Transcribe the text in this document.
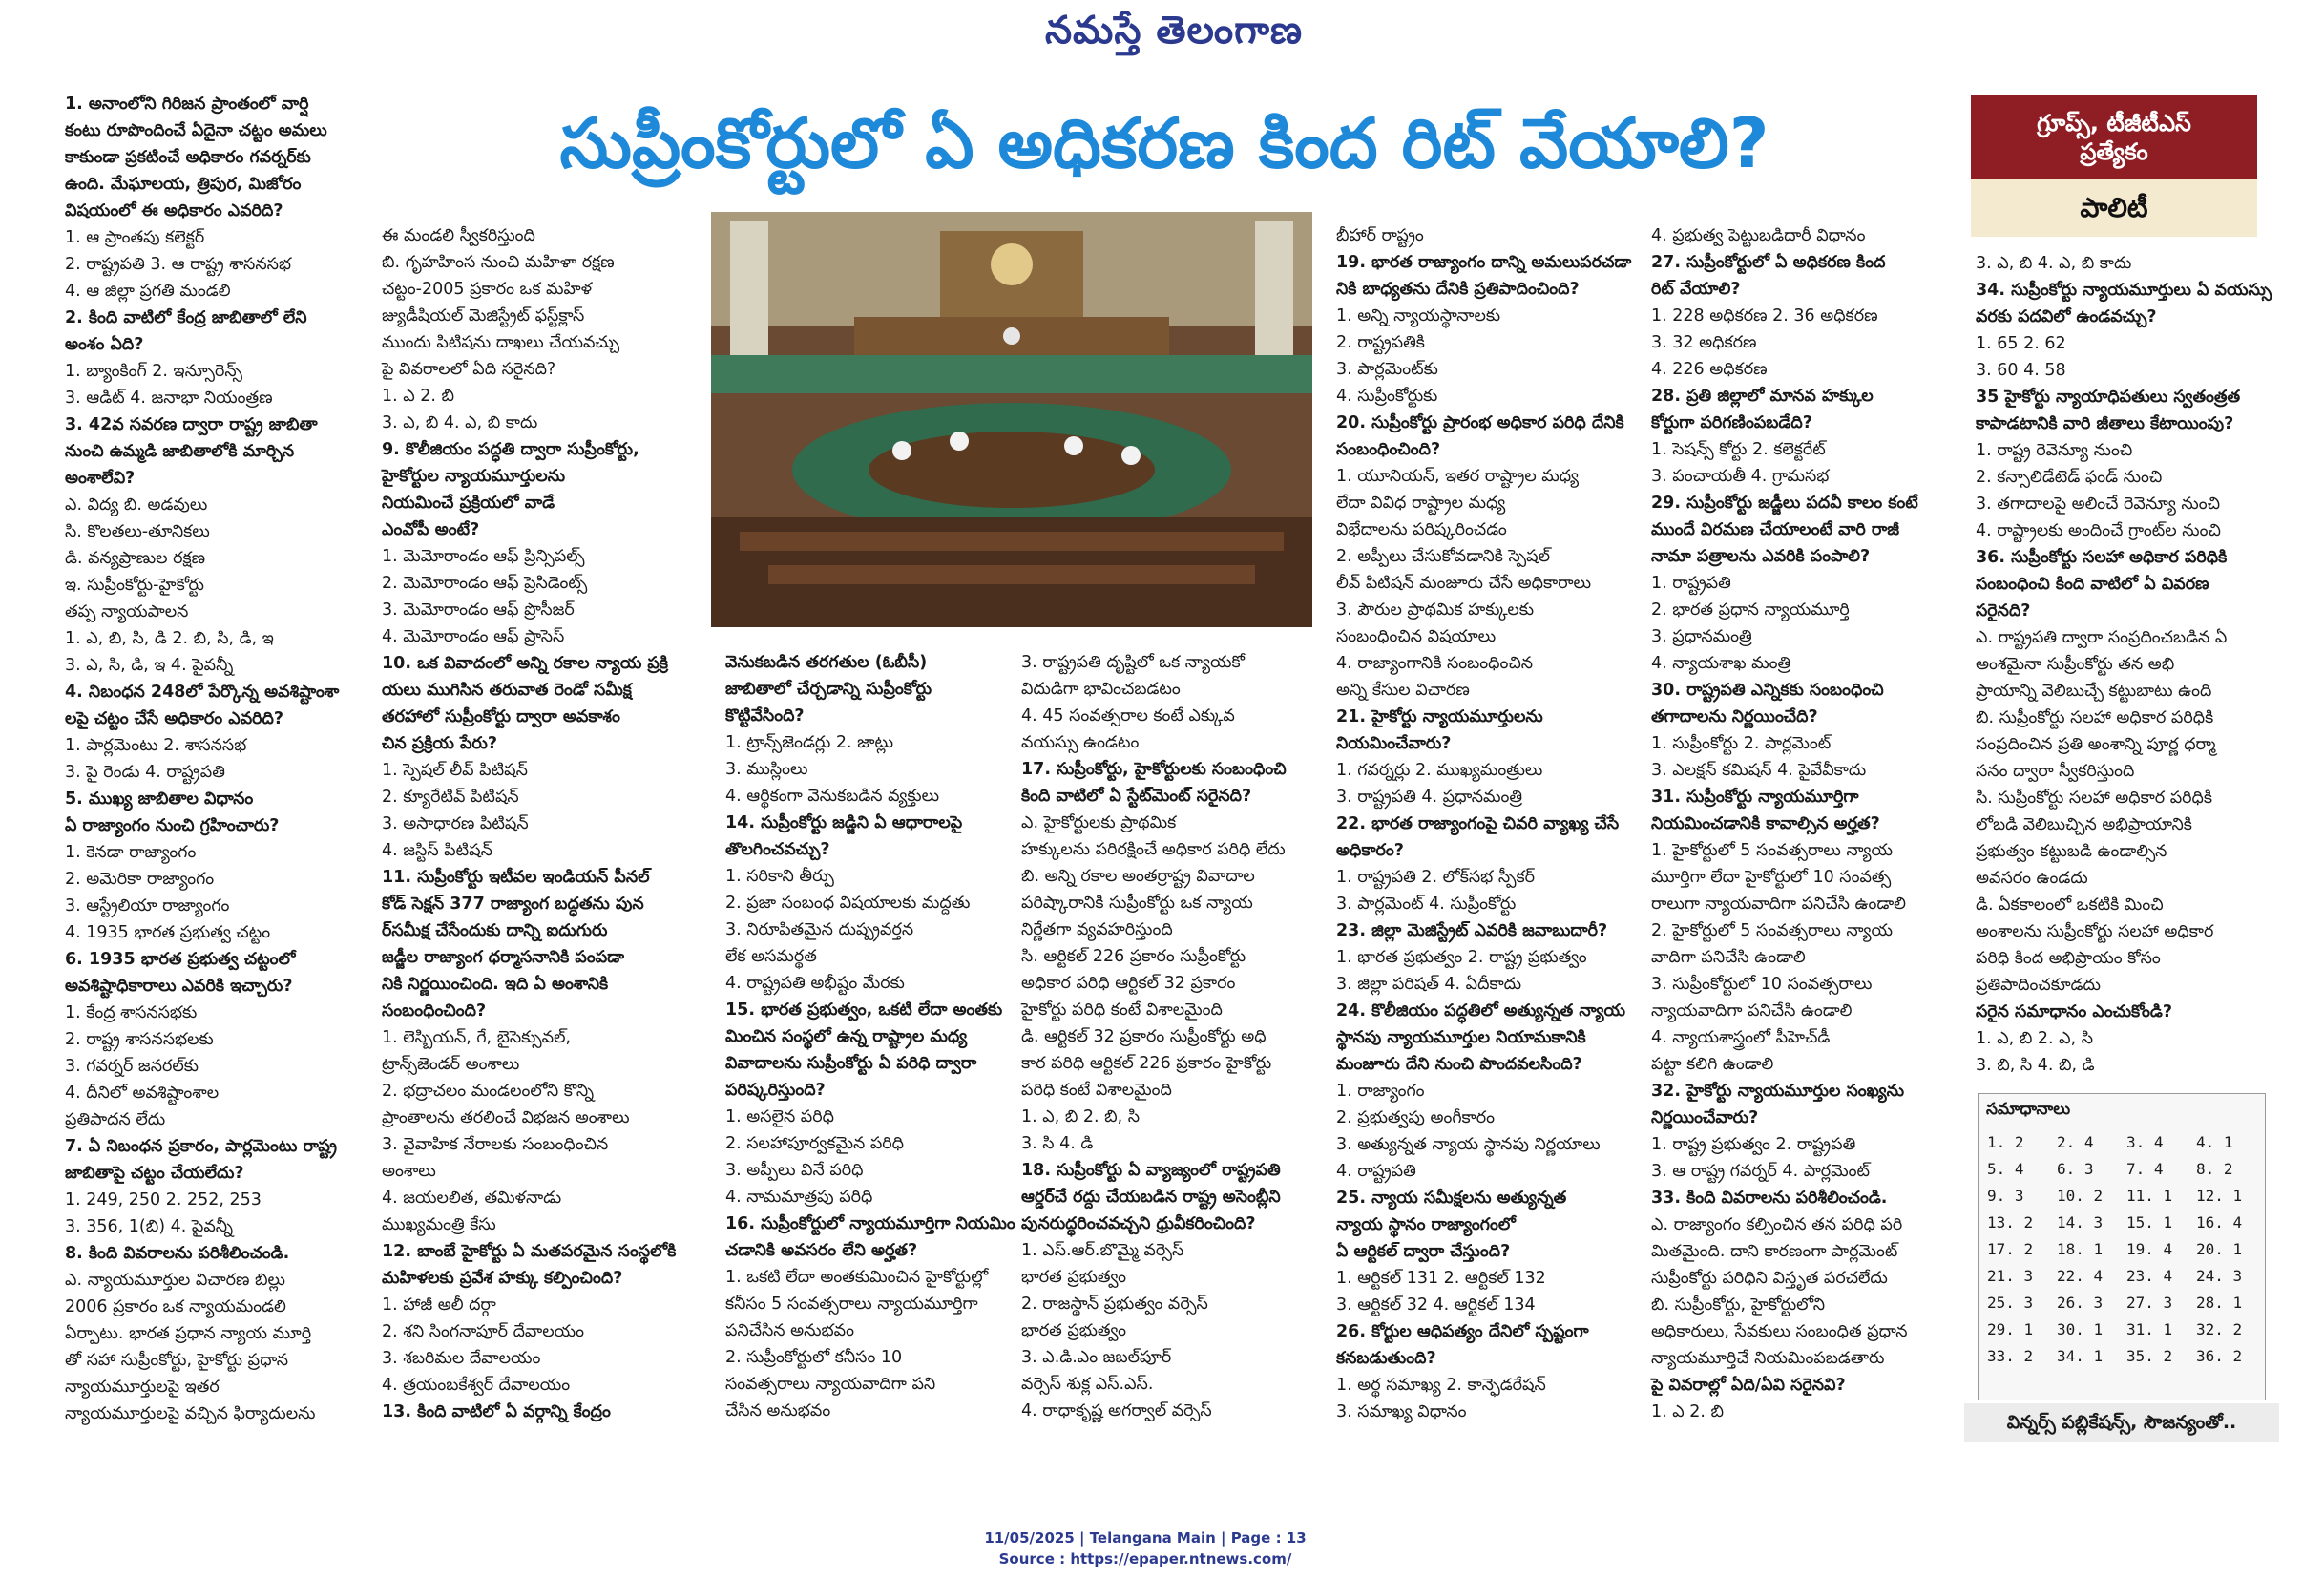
నమస్తే తెలంగాణ
సుప్రీంకోర్టులో ఏ అధికరణ కింద రిట్ వేయాలి?	గ్రూప్స్, టీజీటీఎస్
ప్రత్యేకం
పాలిటీ
1. అనాంలోని గిరిజన ప్రాంతంలో వార్షి
కంటు రూపొందించే ఏదైనా చట్టం అమలు
కాకుండా ప్రకటించే అధికారం గవర్నర్‌కు
ఉంది. మేఘాలయ, త్రిపుర, మిజోరం
విషయంలో ఈ అధికారం ఎవరిది?
1. ఆ ప్రాంతపు కలెక్టర్
2. రాష్ట్రపతి 3. ఆ రాష్ట్ర శాసనసభ
4. ఆ జిల్లా ప్రగతి మండలి
2. కింది వాటిలో కేంద్ర జాబితాలో లేని
అంశం ఏది?
1. బ్యాంకింగ్ 2. ఇన్సూరెన్స్
3. ఆడిట్ 4. జనాభా నియంత్రణ
3. 42వ సవరణ ద్వారా రాష్ట్ర జాబితా
నుంచి ఉమ్మడి జాబితాలోకి మార్చిన
అంశాలేవి?
ఎ. విద్య బి. అడవులు
సి. కొలతలు-తూనికలు
డి. వన్యప్రాణుల రక్షణ
ఇ. సుప్రీంకోర్టు-హైకోర్టు
తప్ప న్యాయపాలన
1. ఎ, బి, సి, డి 2. బి, సి, డి, ఇ
3. ఎ, సి, డి, ఇ 4. పైవన్నీ
4. నిబంధన 248లో పేర్కొన్న అవశిష్టాంశా
లపై చట్టం చేసే అధికారం ఎవరిది?
1. పార్లమెంటు 2. శాసనసభ
3. పై రెండు 4. రాష్ట్రపతి
5. ముఖ్య జాబితాల విధానం
ఏ రాజ్యాంగం నుంచి గ్రహించారు?
1. కెనడా రాజ్యాంగం
2. అమెరికా రాజ్యాంగం
3. ఆస్ట్రేలియా రాజ్యాంగం
4. 1935 భారత ప్రభుత్వ చట్టం
6. 1935 భారత ప్రభుత్వ చట్టంలో
అవశిష్టాధికారాలు ఎవరికి ఇచ్చారు?
1. కేంద్ర శాసనసభకు
2. రాష్ట్ర శాసనసభలకు
3. గవర్నర్ జనరల్‌కు
4. దీనిలో అవశిష్టాంశాల
ప్రతిపాదన లేదు
7. ఏ నిబంధన ప్రకారం, పార్లమెంటు రాష్ట్ర
జాబితాపై చట్టం చేయలేదు?
1. 249, 250 2. 252, 253
3. 356, 1(బి) 4. పైవన్నీ
8. కింది వివరాలను పరిశీలించండి.
ఎ. న్యాయమూర్తుల విచారణ బిల్లు
2006 ప్రకారం ఒక న్యాయమండలి
ఏర్పాటు. భారత ప్రధాన న్యాయ మూర్తి
తో సహా సుప్రీంకోర్టు, హైకోర్టు ప్రధాన
న్యాయమూర్తులపై ఇతర
న్యాయమూర్తులపై వచ్చిన ఫిర్యాదులను
ఈ మండలి స్వీకరిస్తుంది
బి. గృహహింస నుంచి మహిళా రక్షణ
చట్టం-2005 ప్రకారం ఒక మహిళ
జ్యుడీషియల్ మెజిస్ట్రేట్ ఫస్ట్‌క్లాస్
ముందు పిటిషను దాఖలు చేయవచ్చు
పై వివరాలలో ఏది సరైనది?
1. ఎ 2. బి
3. ఎ, బి 4. ఎ, బి కాదు
9. కొలీజియం పద్ధతి ద్వారా సుప్రీంకోర్టు,
హైకోర్టుల న్యాయమూర్తులను
నియమించే ప్రక్రియలో వాడే
ఎంవోపీ అంటే?
1. మెమోరాండం ఆఫ్ ప్రిన్సిపల్స్
2. మెమోరాండం ఆఫ్ ప్రెసిడెంట్స్
3. మెమోరాండం ఆఫ్ ప్రొసీజర్
4. మెమోరాండం ఆఫ్ ప్రాసెస్
10. ఒక వివాదంలో అన్ని రకాల న్యాయ ప్రక్రి
యలు ముగిసిన తరువాత రెండో సమీక్ష
తరహాలో సుప్రీంకోర్టు ద్వారా అవకాశం
చిన ప్రక్రియ పేరు?
1. స్పెషల్ లీవ్ పిటిషన్
2. క్యూరేటివ్ పిటిషన్
3. అసాధారణ పిటిషన్
4. జస్టిస్ పిటిషన్
11. సుప్రీంకోర్టు ఇటీవల ఇండియన్ పీనల్
కోడ్ సెక్షన్ 377 రాజ్యాంగ బద్ధతను పున
ర్‌సమీక్ష చేసేందుకు దాన్ని ఐదుగురు
జడ్జీల రాజ్యాంగ ధర్మాసనానికి పంపడా
నికి నిర్ణయించింది. ఇది ఏ అంశానికి
సంబంధించింది?
1. లెస్బియన్, గే, బైసెక్సువల్,
ట్రాన్స్‌జెండర్ అంశాలు
2. భద్రాచలం మండలంలోని కొన్ని
ప్రాంతాలను తరలించే విభజన అంశాలు
3. వైవాహిక నేరాలకు సంబంధించిన
అంశాలు
4. జయలలిత, తమిళనాడు
ముఖ్యమంత్రి కేసు
12. బాంబే హైకోర్టు ఏ మతపరమైన సంస్థలోకి
మహిళలకు ప్రవేశ హక్కు కల్పించింది?
1. హాజీ అలీ దర్గా
2. శని సింగనాపూర్ దేవాలయం
3. శబరిమల దేవాలయం
4. త్రయంబకేశ్వర్ దేవాలయం
13. కింది వాటిలో ఏ వర్గాన్ని కేంద్రం
వెనుకబడిన తరగతుల (ఓబీసీ)
జాబితాలో చేర్చడాన్ని సుప్రీంకోర్టు
కొట్టివేసింది?
1. ట్రాన్స్‌జెండర్లు 2. జాట్లు
3. ముస్లింలు
4. ఆర్థికంగా వెనుకబడిన వ్యక్తులు
14. సుప్రీంకోర్టు జడ్జిని ఏ ఆధారాలపై
తొలగించవచ్చు?
1. సరికాని తీర్పు
2. ప్రజా సంబంధ విషయాలకు మద్దతు
3. నిరూపితమైన దుష్ప్రవర్తన
లేక అసమర్థత
4. రాష్ట్రపతి అభీష్టం మేరకు
15. భారత ప్రభుత్వం, ఒకటి లేదా అంతకు
మించిన సంస్థలో ఉన్న రాష్ట్రాల మధ్య
వివాదాలను సుప్రీంకోర్టు ఏ పరిధి ద్వారా
పరిష్కరిస్తుంది?
1. అసలైన పరిధి
2. సలహాపూర్వకమైన పరిధి
3. అప్పీలు వినే పరిధి
4. నామమాత్రపు పరిధి
16. సుప్రీంకోర్టులో న్యాయమూర్తిగా నియమిం
చడానికి అవసరం లేని అర్హత?
1. ఒకటి లేదా అంతకుమించిన హైకోర్టుల్లో
కనీసం 5 సంవత్సరాలు న్యాయమూర్తిగా
పనిచేసిన అనుభవం
2. సుప్రీంకోర్టులో కనీసం 10
సంవత్సరాలు న్యాయవాదిగా పని
చేసిన అనుభవం
3. రాష్ట్రపతి దృష్టిలో ఒక న్యాయకో
విదుడిగా భావించబడటం
4. 45 సంవత్సరాల కంటే ఎక్కువ
వయస్సు ఉండటం
17. సుప్రీంకోర్టు, హైకోర్టులకు సంబంధించి
కింది వాటిలో ఏ స్టేట్‌మెంట్ సరైనది?
ఎ. హైకోర్టులకు ప్రాథమిక
హక్కులను పరిరక్షించే అధికార పరిధి లేదు
బి. అన్ని రకాల అంతర్రాష్ట్ర వివాదాల
పరిష్కారానికి సుప్రీంకోర్టు ఒక న్యాయ
నిర్ణేతగా వ్యవహరిస్తుంది
సి. ఆర్టికల్ 226 ప్రకారం సుప్రీంకోర్టు
అధికార పరిధి ఆర్టికల్ 32 ప్రకారం
హైకోర్టు పరిధి కంటే విశాలమైంది
డి. ఆర్టికల్ 32 ప్రకారం సుప్రీంకోర్టు అధి
కార పరిధి ఆర్టికల్ 226 ప్రకారం హైకోర్టు
పరిధి కంటే విశాలమైంది
1. ఎ, బి 2. బి, సి
3. సి 4. డి
18. సుప్రీంకోర్టు ఏ వ్యాజ్యంలో రాష్ట్రపతి
ఆర్డర్‌చే రద్దు చేయబడిన రాష్ట్ర అసెంబ్లీని
పునరుద్ధరించవచ్చని ధ్రువీకరించింది?
1. ఎస్.ఆర్.బొమ్మై వర్సెస్
భారత ప్రభుత్వం
2. రాజస్థాన్ ప్రభుత్వం వర్సెస్
భారత ప్రభుత్వం
3. ఎ.డి.ఎం జబల్‌పూర్
వర్సెస్ శుక్ల ఎస్.ఎస్.
4. రాధాకృష్ణ అగర్వాల్ వర్సెస్
బీహార్ రాష్ట్రం
19. భారత రాజ్యాంగం దాన్ని అమలుపరచడా
నికి బాధ్యతను దేనికి ప్రతిపాదించింది?
1. అన్ని న్యాయస్థానాలకు
2. రాష్ట్రపతికి
3. పార్లమెంట్‌కు
4. సుప్రీంకోర్టుకు
20. సుప్రీంకోర్టు ప్రారంభ అధికార పరిధి దేనికి
సంబంధించింది?
1. యూనియన్, ఇతర రాష్ట్రాల మధ్య
లేదా వివిధ రాష్ట్రాల మధ్య
విభేదాలను పరిష్కరించడం
2. అప్పీలు చేసుకోవడానికి స్పెషల్
లీవ్ పిటిషన్ మంజూరు చేసే అధికారాలు
3. పౌరుల ప్రాథమిక హక్కులకు
సంబంధించిన విషయాలు
4. రాజ్యాంగానికి సంబంధించిన
అన్ని కేసుల విచారణ
21. హైకోర్టు న్యాయమూర్తులను
నియమించేవారు?
1. గవర్నర్లు 2. ముఖ్యమంత్రులు
3. రాష్ట్రపతి 4. ప్రధానమంత్రి
22. భారత రాజ్యాంగంపై చివరి వ్యాఖ్య చేసే
అధికారం?
1. రాష్ట్రపతి 2. లోక్‌సభ స్పీకర్
3. పార్లమెంట్ 4. సుప్రీంకోర్టు
23. జిల్లా మెజిస్ట్రేట్ ఎవరికి జవాబుదారీ?
1. భారత ప్రభుత్వం 2. రాష్ట్ర ప్రభుత్వం
3. జిల్లా పరిషత్ 4. ఏదీకాదు
24. కొలీజియం పద్ధతిలో అత్యున్నత న్యాయ
స్థానపు న్యాయమూర్తుల నియామకానికి
మంజూరు దేని నుంచి పొందవలసింది?
1. రాజ్యాంగం
2. ప్రభుత్వపు అంగీకారం
3. అత్యున్నత న్యాయ స్థానపు నిర్ణయాలు
4. రాష్ట్రపతి
25. న్యాయ సమీక్షలను అత్యున్నత
న్యాయ స్థానం రాజ్యాంగంలో
ఏ ఆర్టికల్ ద్వారా చేస్తుంది?
1. ఆర్టికల్ 131 2. ఆర్టికల్ 132
3. ఆర్టికల్ 32 4. ఆర్టికల్ 134
26. కోర్టుల ఆధిపత్యం దేనిలో స్పష్టంగా
కనబడుతుంది?
1. అర్థ సమాఖ్య 2. కాన్ఫెడరేషన్
3. సమాఖ్య విధానం
4. ప్రభుత్వ పెట్టుబడిదారీ విధానం
27. సుప్రీంకోర్టులో ఏ అధికరణ కింద
రిట్ వేయాలి?
1. 228 అధికరణ 2. 36 అధికరణ
3. 32 అధికరణ
4. 226 అధికరణ
28. ప్రతి జిల్లాలో మానవ హక్కుల
కోర్టుగా పరిగణింపబడేది?
1. సెషన్స్ కోర్టు 2. కలెక్టరేట్
3. పంచాయతీ 4. గ్రామసభ
29. సుప్రీంకోర్టు జడ్జీలు పదవీ కాలం కంటే
ముందే విరమణ చేయాలంటే వారి రాజీ
నామా పత్రాలను ఎవరికి పంపాలి?
1. రాష్ట్రపతి
2. భారత ప్రధాన న్యాయమూర్తి
3. ప్రధానమంత్రి
4. న్యాయశాఖ మంత్రి
30. రాష్ట్రపతి ఎన్నికకు సంబంధించి
తగాదాలను నిర్ణయించేది?
1. సుప్రీంకోర్టు 2. పార్లమెంట్
3. ఎలక్షన్ కమిషన్ 4. పైవేవీకాదు
31. సుప్రీంకోర్టు న్యాయమూర్తిగా
నియమించడానికి కావాల్సిన అర్హత?
1. హైకోర్టులో 5 సంవత్సరాలు న్యాయ
మూర్తిగా లేదా హైకోర్టులో 10 సంవత్స
రాలుగా న్యాయవాదిగా పనిచేసి ఉండాలి
2. హైకోర్టులో 5 సంవత్సరాలు న్యాయ
వాదిగా పనిచేసి ఉండాలి
3. సుప్రీంకోర్టులో 10 సంవత్సరాలు
న్యాయవాదిగా పనిచేసి ఉండాలి
4. న్యాయశాస్త్రంలో పీహెచ్‌డీ
పట్టా కలిగి ఉండాలి
32. హైకోర్టు న్యాయమూర్తుల సంఖ్యను
నిర్ణయించేవారు?
1. రాష్ట్ర ప్రభుత్వం 2. రాష్ట్రపతి
3. ఆ రాష్ట్ర గవర్నర్ 4. పార్లమెంట్
33. కింది వివరాలను పరిశీలించండి.
ఎ. రాజ్యాంగం కల్పించిన తన పరిధి పరి
మితమైంది. దాని కారణంగా పార్లమెంట్
సుప్రీంకోర్టు పరిధిని విస్తృత పరచలేదు
బి. సుప్రీంకోర్టు, హైకోర్టులోని
అధికారులు, సేవకులు సంబంధిత ప్రధాన
న్యాయమూర్తిచే నియమింపబడతారు
పై వివరాల్లో ఏది/ఏవి సరైనవి?
1. ఎ 2. బి
3. ఎ, బి 4. ఎ, బి కాదు
34. సుప్రీంకోర్టు న్యాయమూర్తులు ఏ వయస్సు
వరకు పదవిలో ఉండవచ్చు?
1. 65 2. 62
3. 60 4. 58
35 హైకోర్టు న్యాయాధిపతులు స్వతంత్రత
కాపాడటానికి వారి జీతాలు కేటాయింపు?
1. రాష్ట్ర రెవెన్యూ నుంచి
2. కన్సాలిడేటెడ్ ఫండ్ నుంచి
3. తగాదాలపై అలించే రెవెన్యూ నుంచి
4. రాష్ట్రాలకు అందించే గ్రాంట్‌ల నుంచి
36. సుప్రీంకోర్టు సలహా అధికార పరిధికి
సంబంధించి కింది వాటిలో ఏ వివరణ
సరైనది?
ఎ. రాష్ట్రపతి ద్వారా సంప్రదించబడిన ఏ
అంశమైనా సుప్రీంకోర్టు తన అభి
ప్రాయాన్ని వెలిబుచ్చే కట్టుబాటు ఉంది
బి. సుప్రీంకోర్టు సలహా అధికార పరిధికి
సంప్రదించిన ప్రతి అంశాన్ని పూర్ణ ధర్మా
సనం ద్వారా స్వీకరిస్తుంది
సి. సుప్రీంకోర్టు సలహా అధికార పరిధికి
లోబడి వెలిబుచ్చిన అభిప్రాయానికి
ప్రభుత్వం కట్టుబడి ఉండాల్సిన
అవసరం ఉండదు
డి. ఏకకాలంలో ఒకటికి మించి
అంశాలను సుప్రీంకోర్టు సలహా అధికార
పరిధి కింద అభిప్రాయం కోసం
ప్రతిపాదించకూడదు
సరైన సమాధానం ఎంచుకోండి?
1. ఎ, బి 2. ఎ, సి
3. బి, సి 4. బి, డి
సమాధానాలు
1. 2	2. 4	3. 4	4. 1
5. 4	6. 3	7. 4	8. 2
9. 3	10. 2	11. 1	12. 1
13. 2	14. 3	15. 1	16. 4
17. 2	18. 1	19. 4	20. 1
21. 3	22. 4	23. 4	24. 3
25. 3	26. 3	27. 3	28. 1
29. 1	30. 1	31. 1	32. 2
33. 2	34. 1	35. 2	36. 2
విన్నర్స్ పబ్లికేషన్స్, సౌజన్యంతో..
11/05/2025 | Telangana Main | Page : 13
Source : https://epaper.ntnews.com/
